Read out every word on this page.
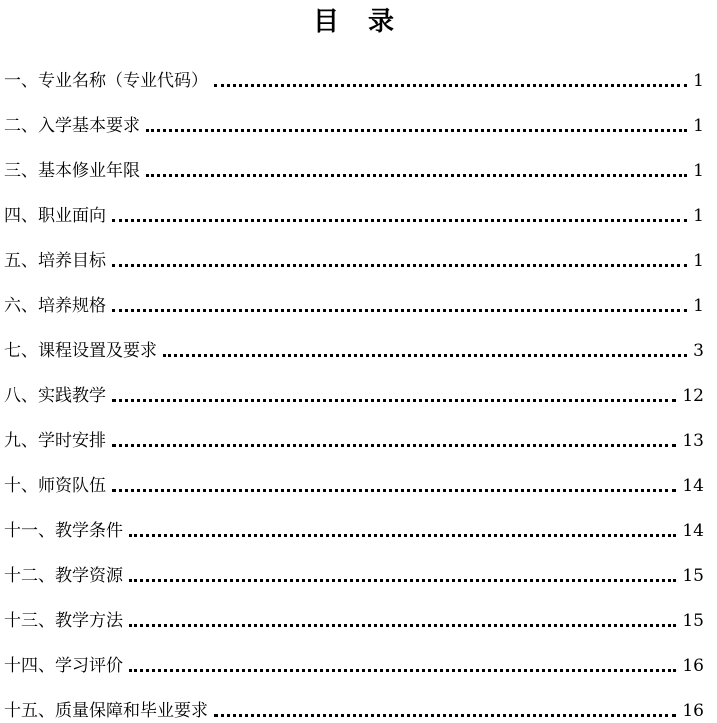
目 录
一、专业名称（专业代码）	1
二、入学基本要求	1
三、基本修业年限	1
四、职业面向	1
五、培养目标	1
六、培养规格	1
七、课程设置及要求	3
八、实践教学	12
九、学时安排	13
十、师资队伍	14
十一、教学条件	14
十二、教学资源	15
十三、教学方法	15
十四、学习评价	16
十五、质量保障和毕业要求	16
